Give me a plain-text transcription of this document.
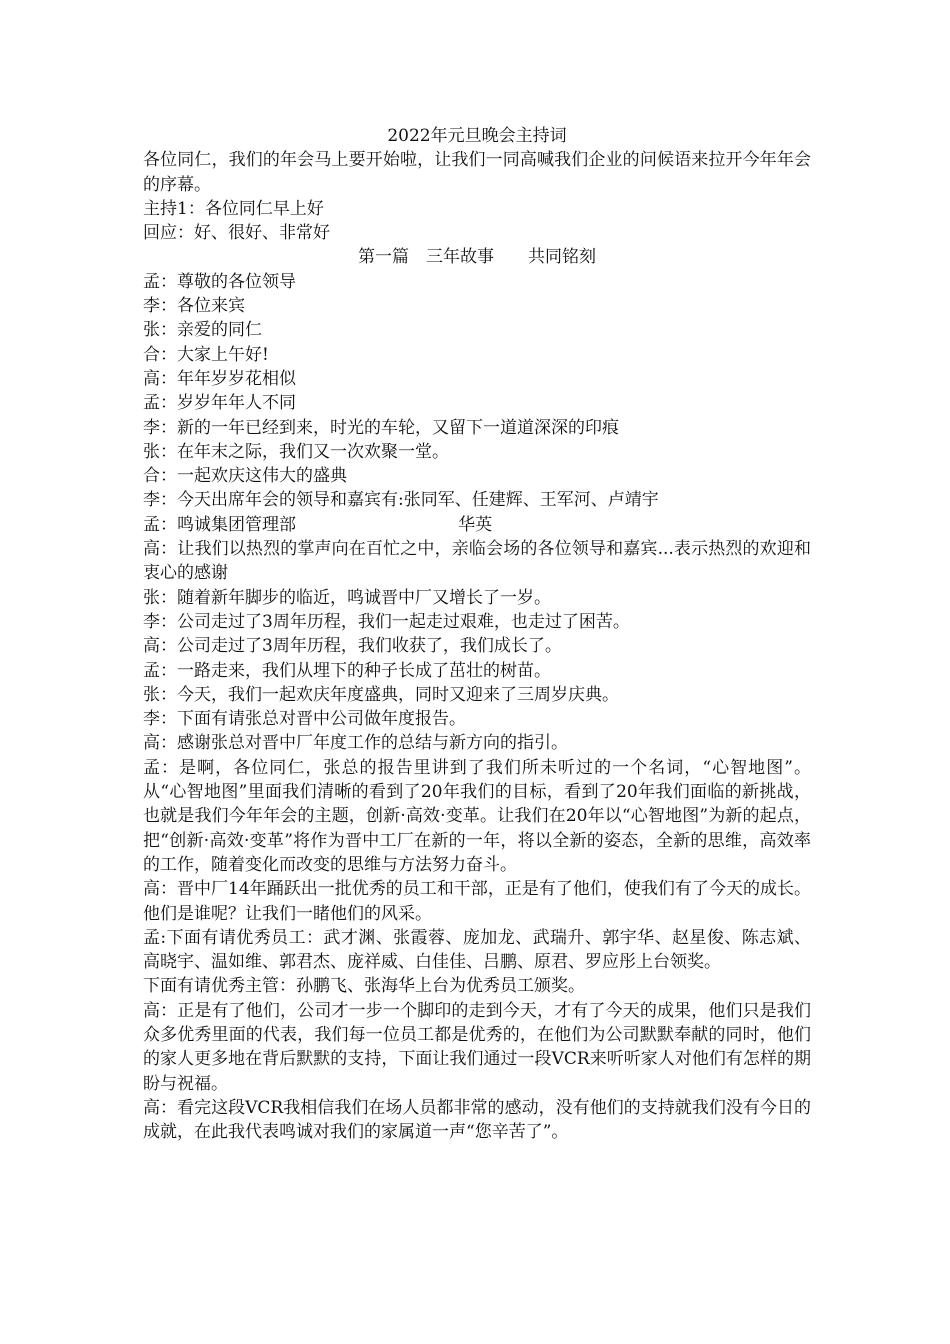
2022年元旦晚会主持词

各位同仁，我们的年会马上要开始啦，让我们一同高喊我们企业的问候语来拉开今年年会的序幕。

主持1：各位同仁早上好

回应：好、很好、非常好

第一篇　三年故事　　共同铭刻

孟：尊敬的各位领导

李：各位来宾

张：亲爱的同仁

合：大家上午好!

高：年年岁岁花相似

孟：岁岁年年人不同

李：新的一年已经到来，时光的车轮，又留下一道道深深的印痕

张：在年末之际，我们又一次欢聚一堂。

合：一起欢庆这伟大的盛典

李：今天出席年会的领导和嘉宾有:张同军、任建辉、王军河、卢靖宇

孟：鸣诚集团管理部                              华英

高：让我们以热烈的掌声向在百忙之中，亲临会场的各位领导和嘉宾...表示热烈的欢迎和衷心的感谢

张：随着新年脚步的临近，鸣诚晋中厂又增长了一岁。

李：公司走过了3周年历程，我们一起走过艰难，也走过了困苦。

高：公司走过了3周年历程，我们收获了，我们成长了。

孟：一路走来，我们从埋下的种子长成了茁壮的树苗。

张：今天，我们一起欢庆年度盛典，同时又迎来了三周岁庆典。

李：下面有请张总对晋中公司做年度报告。

高：感谢张总对晋中厂年度工作的总结与新方向的指引。

孟：是啊，各位同仁，张总的报告里讲到了我们所未听过的一个名词，“心智地图”。从“心智地图”里面我们清晰的看到了20年我们的目标，看到了20年我们面临的新挑战，也就是我们今年年会的主题，创新·高效·变革。让我们在20年以“心智地图”为新的起点，把“创新·高效·变革”将作为晋中工厂在新的一年，将以全新的姿态，全新的思维，高效率的工作，随着变化而改变的思维与方法努力奋斗。

高：晋中厂14年踊跃出一批优秀的员工和干部，正是有了他们，使我们有了今天的成长。他们是谁呢？让我们一睹他们的风采。

孟:下面有请优秀员工：武才渊、张霞蓉、庞加龙、武瑞升、郭宇华、赵星俊、陈志斌、高晓宇、温如维、郭君杰、庞祥威、白佳佳、吕鹏、原君、罗应彤上台领奖。

下面有请优秀主管：孙鹏飞、张海华上台为优秀员工颁奖。

高：正是有了他们，公司才一步一个脚印的走到今天，才有了今天的成果，他们只是我们众多优秀里面的代表，我们每一位员工都是优秀的，在他们为公司默默奉献的同时，他们的家人更多地在背后默默的支持，下面让我们通过一段VCR来听听家人对他们有怎样的期盼与祝福。

高：看完这段VCR我相信我们在场人员都非常的感动，没有他们的支持就我们没有今日的成就，在此我代表鸣诚对我们的家属道一声“您辛苦了”。
